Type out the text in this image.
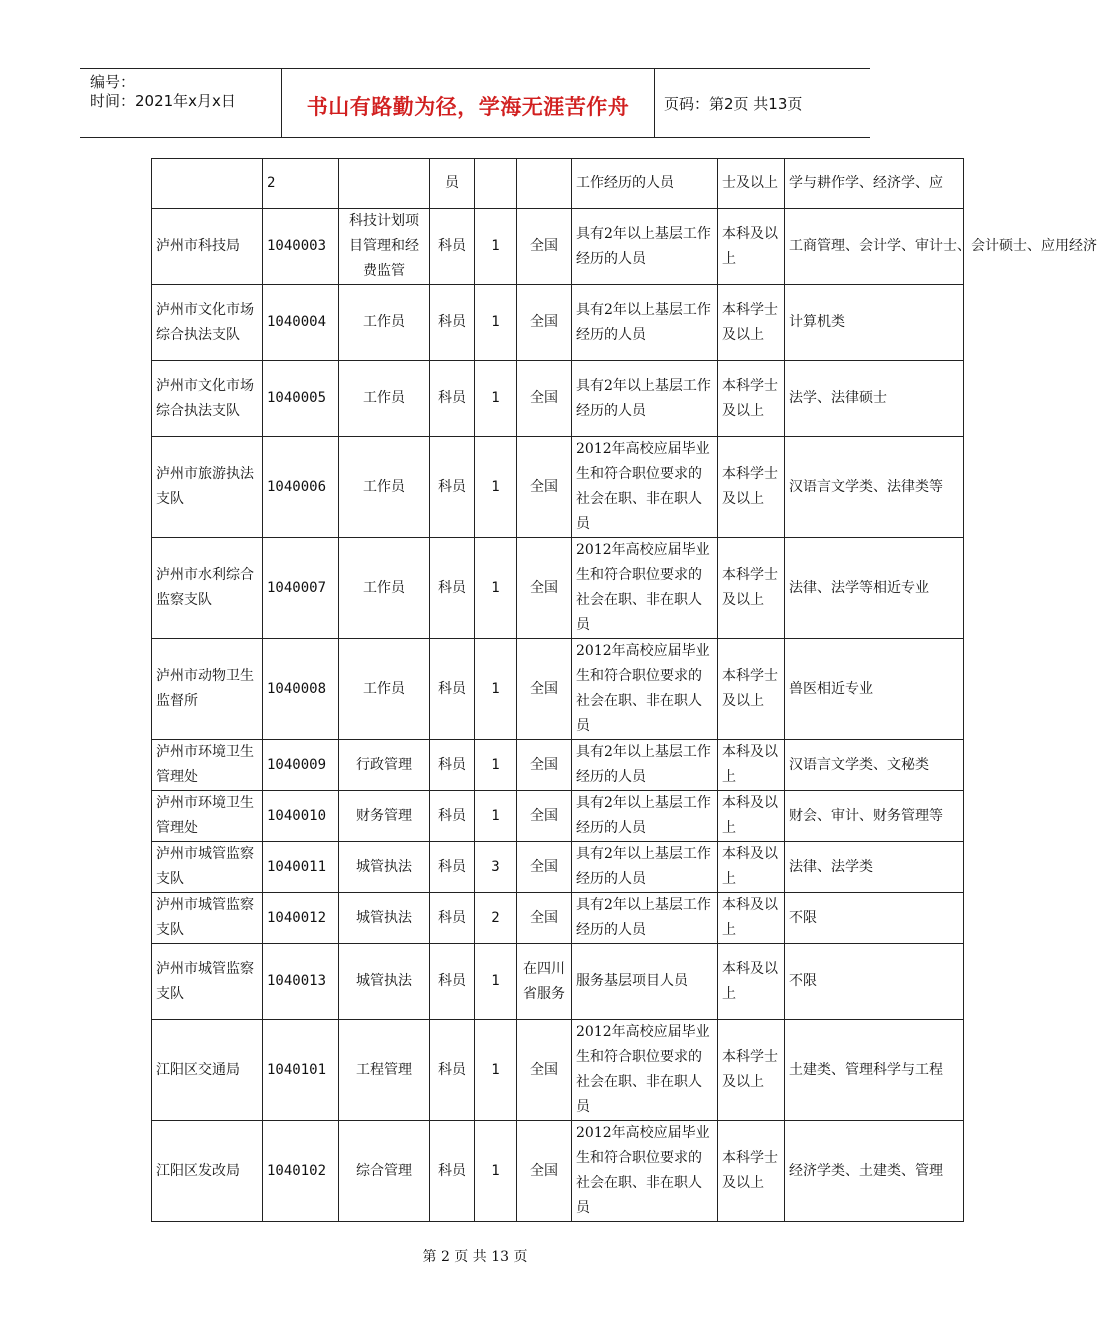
编号：
时间：2021年x月x日	书山有路勤为径，学海无涯苦作舟	页码：第2页 共13页
	2		员			工作经历的人员	士及以上	学与耕作学、经济学、应
泸州市科技局	1040003	科技计划项目管理和经费监管	科员	1	全国	具有2年以上基层工作经历的人员	本科及以上	工商管理、会计学、审计士、会计硕士、应用经济
泸州市文化市场综合执法支队	1040004	工作员	科员	1	全国	具有2年以上基层工作经历的人员	本科学士及以上	计算机类
泸州市文化市场综合执法支队	1040005	工作员	科员	1	全国	具有2年以上基层工作经历的人员	本科学士及以上	法学、法律硕士
泸州市旅游执法支队	1040006	工作员	科员	1	全国	2012年高校应届毕业生和符合职位要求的社会在职、非在职人员	本科学士及以上	汉语言文学类、法律类等
泸州市水利综合监察支队	1040007	工作员	科员	1	全国	2012年高校应届毕业生和符合职位要求的社会在职、非在职人员	本科学士及以上	法律、法学等相近专业
泸州市动物卫生监督所	1040008	工作员	科员	1	全国	2012年高校应届毕业生和符合职位要求的社会在职、非在职人员	本科学士及以上	兽医相近专业
泸州市环境卫生管理处	1040009	行政管理	科员	1	全国	具有2年以上基层工作经历的人员	本科及以上	汉语言文学类、文秘类
泸州市环境卫生管理处	1040010	财务管理	科员	1	全国	具有2年以上基层工作经历的人员	本科及以上	财会、审计、财务管理等
泸州市城管监察支队	1040011	城管执法	科员	3	全国	具有2年以上基层工作经历的人员	本科及以上	法律、法学类
泸州市城管监察支队	1040012	城管执法	科员	2	全国	具有2年以上基层工作经历的人员	本科及以上	不限
泸州市城管监察支队	1040013	城管执法	科员	1	在四川省服务	服务基层项目人员	本科及以上	不限
江阳区交通局	1040101	工程管理	科员	1	全国	2012年高校应届毕业生和符合职位要求的社会在职、非在职人员	本科学士及以上	土建类、管理科学与工程
江阳区发改局	1040102	综合管理	科员	1	全国	2012年高校应届毕业生和符合职位要求的社会在职、非在职人员	本科学士及以上	经济学类、土建类、管理
第 2 页 共 13 页
